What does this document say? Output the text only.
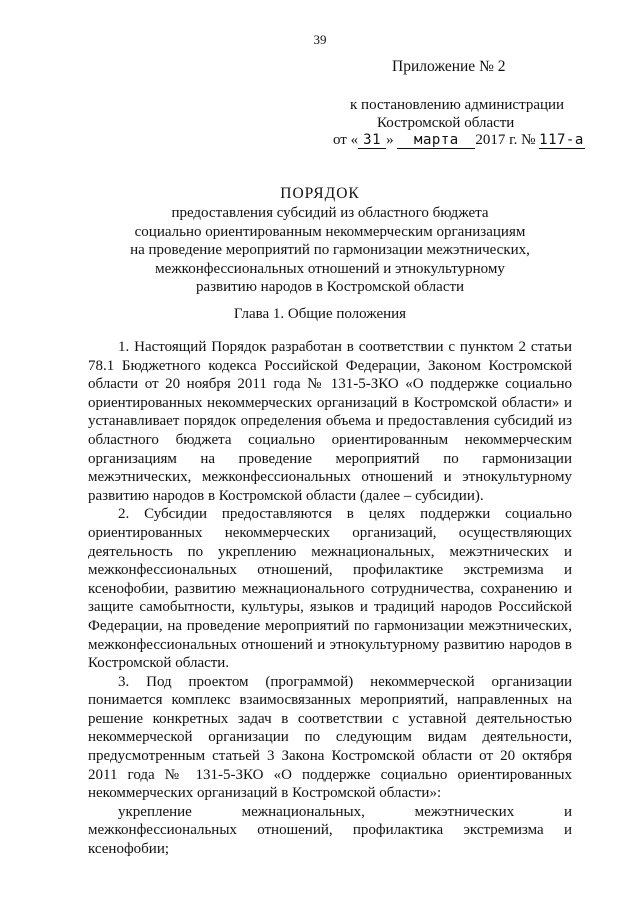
39
Приложение № 2
к постановлению администрации
Костромской области
от « 31 » марта 2017 г. № 117-а
ПОРЯДОК
предоставления субсидий из областного бюджета
социально ориентированным некоммерческим организациям
на проведение мероприятий по гармонизации межэтнических,
межконфессиональных отношений и этнокультурному
развитию народов в Костромской области
Глава 1. Общие положения
1. Настоящий Порядок разработан в соответствии с пунктом 2 статьи
78.1 Бюджетного кодекса Российской Федерации, Законом Костромской
области от 20 ноября 2011 года № 131-5-ЗКО «О поддержке социально
ориентированных некоммерческих организаций в Костромской области» и
устанавливает порядок определения объема и предоставления субсидий из
областного бюджета социально ориентированным некоммерческим
организациям на проведение мероприятий по гармонизации
межэтнических, межконфессиональных отношений и этнокультурному
развитию народов в Костромской области (далее – субсидии).
2. Субсидии предоставляются в целях поддержки социально
ориентированных некоммерческих организаций, осуществляющих
деятельность по укреплению межнациональных, межэтнических и
межконфессиональных отношений, профилактике экстремизма и
ксенофобии, развитию межнационального сотрудничества, сохранению и
защите самобытности, культуры, языков и традиций народов Российской
Федерации, на проведение мероприятий по гармонизации межэтнических,
межконфессиональных отношений и этнокультурному развитию народов в
Костромской области.
3. Под проектом (программой) некоммерческой организации
понимается комплекс взаимосвязанных мероприятий, направленных на
решение конкретных задач в соответствии с уставной деятельностью
некоммерческой организации по следующим видам деятельности,
предусмотренным статьей 3 Закона Костромской области от 20 октября
2011 года № 131-5-ЗКО «О поддержке социально ориентированных
некоммерческих организаций в Костромской области»:
укрепление межнациональных, межэтнических и
межконфессиональных отношений, профилактика экстремизма и
ксенофобии;
